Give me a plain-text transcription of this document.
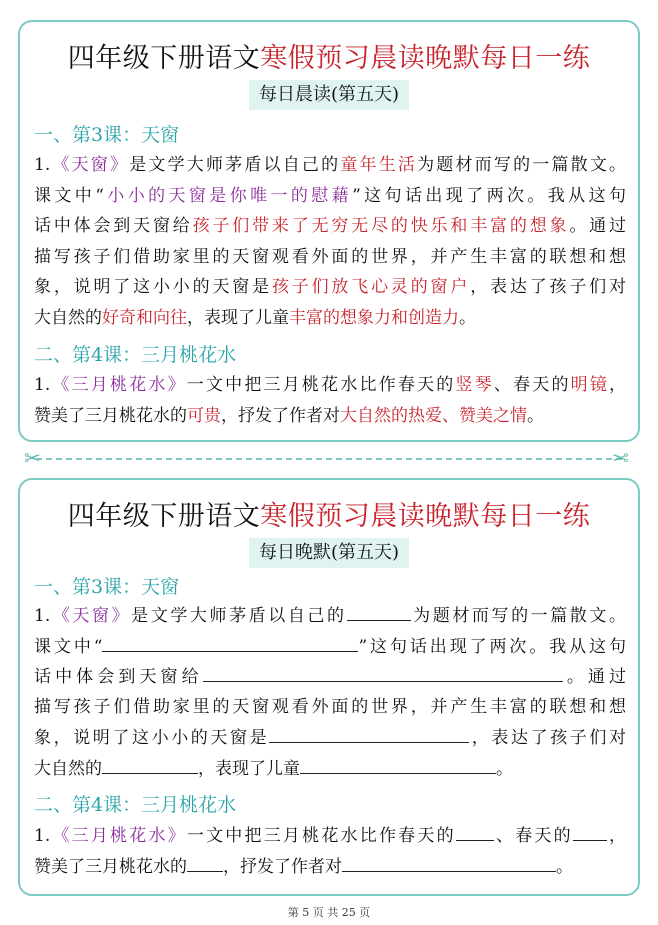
四年级下册语文寒假预习晨读晚默每日一练
每日晨读(第五天)
一、第3课：天窗
1.《天窗》是文学大师茅盾以自己的童年生活为题材而写的一篇散文。
课文中“小小的天窗是你唯一的慰藉”这句话出现了两次。我从这句
话中体会到天窗给孩子们带来了无穷无尽的快乐和丰富的想象。通过
描写孩子们借助家里的天窗观看外面的世界，并产生丰富的联想和想
象，说明了这小小的天窗是孩子们放飞心灵的窗户，表达了孩子们对
大自然的好奇和向往，表现了儿童丰富的想象力和创造力。
二、第4课：三月桃花水
1.《三月桃花水》一文中把三月桃花水比作春天的竖琴、春天的明镜，
赞美了三月桃花水的可贵，抒发了作者对大自然的热爱、赞美之情。
✂	✂
四年级下册语文寒假预习晨读晚默每日一练
每日晚默(第五天)
一、第3课：天窗
1.《天窗》是文学大师茅盾以自己的	为题材而写的一篇散文。
课文中“	”这句话出现了两次。我从这句
话中体会到天窗给	。通过
描写孩子们借助家里的天窗观看外面的世界，并产生丰富的联想和想
象，说明了这小小的天窗是	，表达了孩子们对
大自然的	，表现了儿童	。
二、第4课：三月桃花水
1.《三月桃花水》一文中把三月桃花水比作春天的 、春天的 ，
赞美了三月桃花水的 ，抒发了作者对	。
第 5 页 共 25 页
